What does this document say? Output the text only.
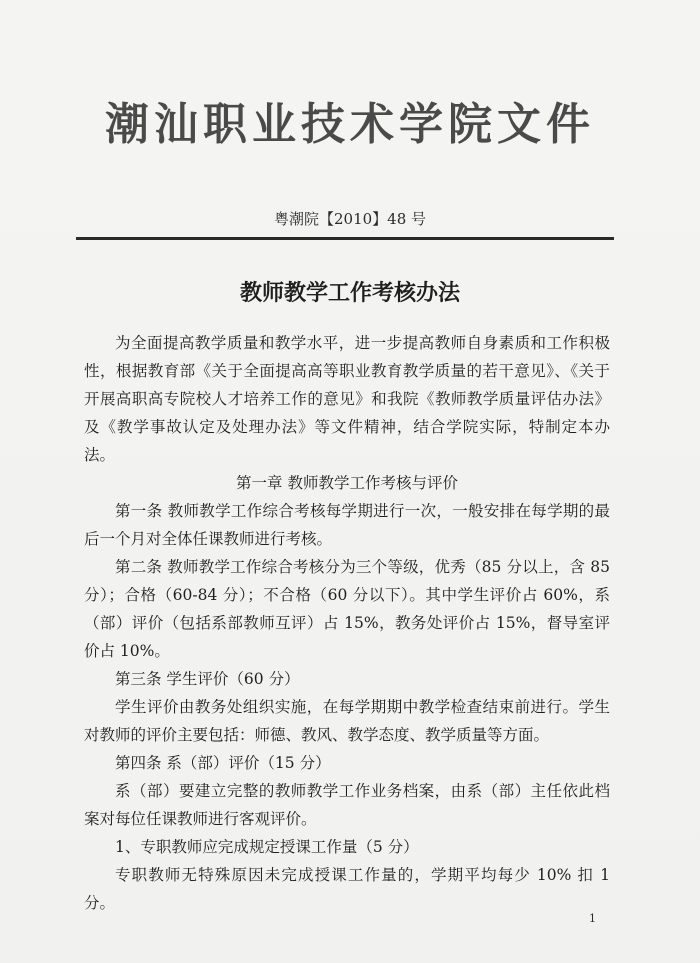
潮汕职业技术学院文件
粤潮院【2010】48 号
教师教学工作考核办法

为全面提高教学质量和教学水平，进一步提高教师自身素质和工作积极性，根据教育部《关于全面提高高等职业教育教学质量的若干意见》、《关于开展高职高专院校人才培养工作的意见》和我院《教师教学质量评估办法》及《教学事故认定及处理办法》等文件精神，结合学院实际，特制定本办法。

第一章 教师教学工作考核与评价

第一条 教师教学工作综合考核每学期进行一次，一般安排在每学期的最后一个月对全体任课教师进行考核。

第二条 教师教学工作综合考核分为三个等级，优秀（85 分以上，含 85 分）；合格（60-84 分）；不合格（60 分以下）。其中学生评价占 60%，系（部）评价（包括系部教师互评）占 15%，教务处评价占 15%，督导室评价占 10%。

第三条 学生评价（60 分）

学生评价由教务处组织实施，在每学期期中教学检查结束前进行。学生对教师的评价主要包括：师德、教风、教学态度、教学质量等方面。

第四条 系（部）评价（15 分）

系（部）要建立完整的教师教学工作业务档案，由系（部）主任依此档案对每位任课教师进行客观评价。

1、专职教师应完成规定授课工作量（5 分）

专职教师无特殊原因未完成授课工作量的，学期平均每少 10% 扣 1 分。

1
